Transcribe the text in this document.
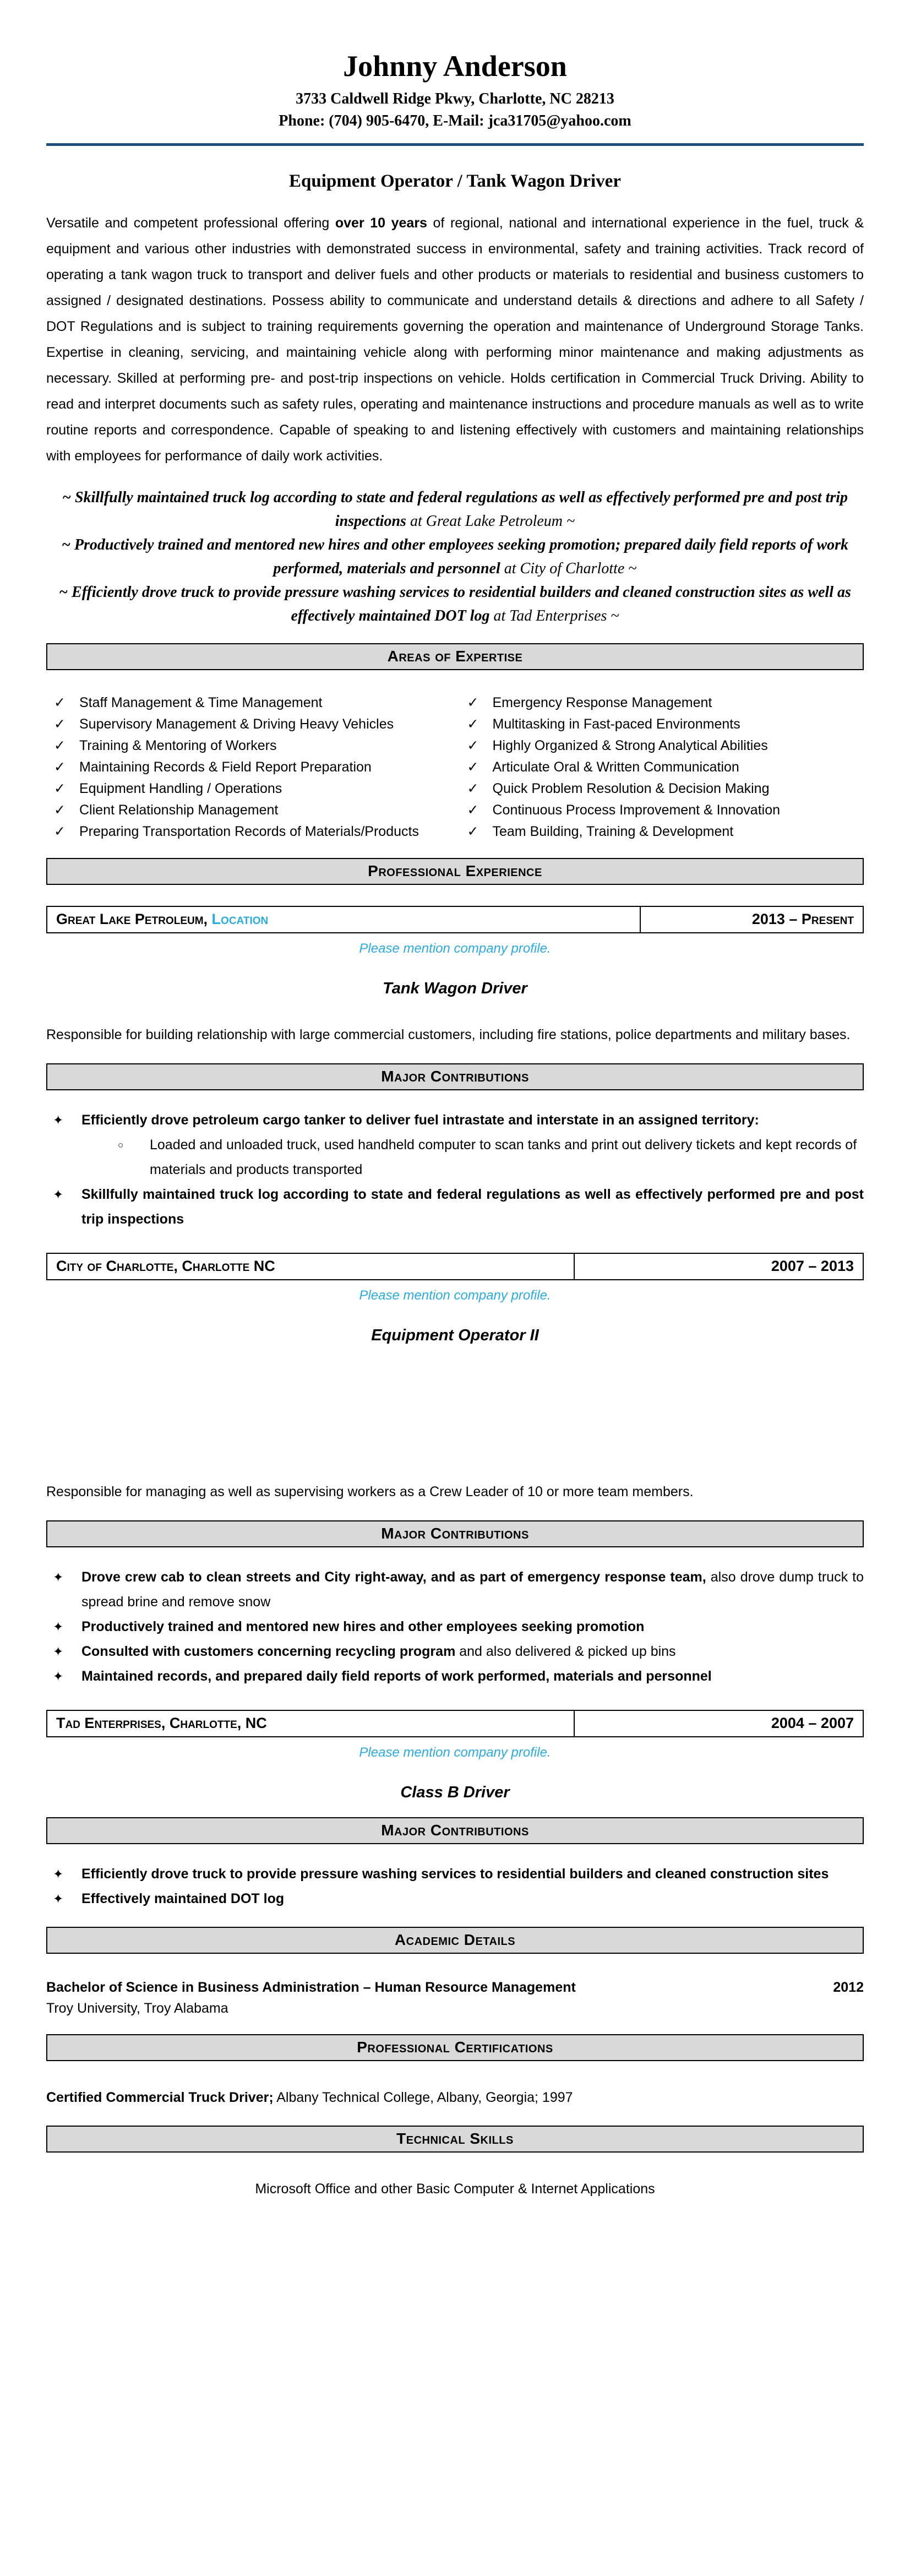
Johnny Anderson
3733 Caldwell Ridge Pkwy, Charlotte, NC 28213
Phone: (704) 905-6470, E-Mail: jca31705@yahoo.com
Equipment Operator / Tank Wagon Driver

Versatile and competent professional offering over 10 years of regional, national and international experience in the fuel, truck & equipment and various other industries with demonstrated success in environmental, safety and training activities. Track record of operating a tank wagon truck to transport and deliver fuels and other products or materials to residential and business customers to assigned / designated destinations. Possess ability to communicate and understand details & directions and adhere to all Safety / DOT Regulations and is subject to training requirements governing the operation and maintenance of Underground Storage Tanks. Expertise in cleaning, servicing, and maintaining vehicle along with performing minor maintenance and making adjustments as necessary. Skilled at performing pre- and post-trip inspections on vehicle. Holds certification in Commercial Truck Driving. Ability to read and interpret documents such as safety rules, operating and maintenance instructions and procedure manuals as well as to write routine reports and correspondence. Capable of speaking to and listening effectively with customers and maintaining relationships with employees for performance of daily work activities.

~ Skillfully maintained truck log according to state and federal regulations as well as effectively performed pre and post trip inspections at Great Lake Petroleum ~
~ Productively trained and mentored new hires and other employees seeking promotion; prepared daily field reports of work performed, materials and personnel at City of Charlotte ~
~ Efficiently drove truck to provide pressure washing services to residential builders and cleaned construction sites as well as effectively maintained DOT log at Tad Enterprises ~
Areas of Expertise
✓	Staff Management & Time Management
✓	Supervisory Management & Driving Heavy Vehicles
✓	Training & Mentoring of Workers
✓	Maintaining Records & Field Report Preparation
✓	Equipment Handling / Operations
✓	Client Relationship Management
✓	Preparing Transportation Records of Materials/Products
✓	Emergency Response Management
✓	Multitasking in Fast-paced Environments
✓	Highly Organized & Strong Analytical Abilities
✓	Articulate Oral & Written Communication
✓	Quick Problem Resolution & Decision Making
✓	Continuous Process Improvement & Innovation
✓	Team Building, Training & Development
Professional Experience
Great Lake Petroleum, Location	2013 – Present
Please mention company profile.
Tank Wagon Driver

Responsible for building relationship with large commercial customers, including fire stations, police departments and military bases.

Major Contributions
✦	Efficiently drove petroleum cargo tanker to deliver fuel intrastate and interstate in an assigned territory:
○	Loaded and unloaded truck, used handheld computer to scan tanks and print out delivery tickets and kept records of materials and products transported
✦	Skillfully maintained truck log according to state and federal regulations as well as effectively performed pre and post trip inspections
City of Charlotte, Charlotte NC	2007 – 2013
Please mention company profile.
Equipment Operator II

Responsible for managing as well as supervising workers as a Crew Leader of 10 or more team members.

Major Contributions
✦	Drove crew cab to clean streets and City right-away, and as part of emergency response team, also drove dump truck to spread brine and remove snow
✦	Productively trained and mentored new hires and other employees seeking promotion
✦	Consulted with customers concerning recycling program and also delivered & picked up bins
✦	Maintained records, and prepared daily field reports of work performed, materials and personnel
Tad Enterprises, Charlotte, NC	2004 – 2007
Please mention company profile.
Class B Driver
Major Contributions
✦	Efficiently drove truck to provide pressure washing services to residential builders and cleaned construction sites
✦	Effectively maintained DOT log
Academic Details
Bachelor of Science in Business Administration – Human Resource Management	2012
Troy University, Troy Alabama
Professional Certifications

Certified Commercial Truck Driver; Albany Technical College, Albany, Georgia; 1997

Technical Skills
Microsoft Office and other Basic Computer & Internet Applications
